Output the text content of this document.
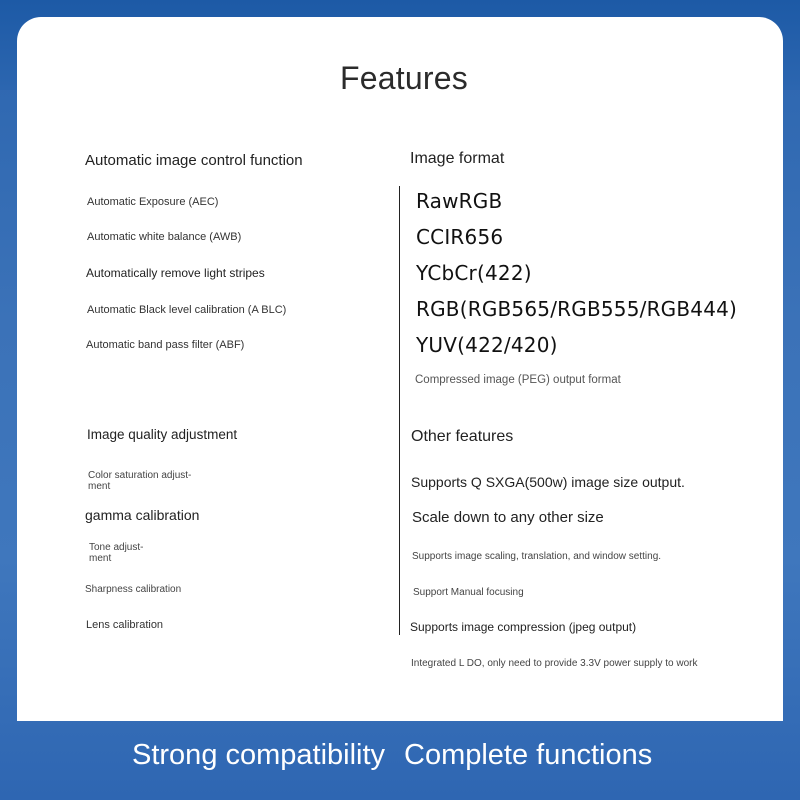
Features
Automatic image control function
Automatic Exposure (AEC)
Automatic white balance (AWB)
Automatically remove light stripes
Automatic Black level calibration (A BLC)
Automatic band pass filter (ABF)
Image quality adjustment
Color saturation adjust-
ment
gamma calibration
Tone adjust-
ment
Sharpness calibration
Lens calibration
Image format
RawRGB
CCIR656
YCbCr(422)
RGB(RGB565/RGB555/RGB444)
YUV(422/420)
Compressed image (PEG) output format
Other features
Supports Q SXGA(500w) image size output.
Scale down to any other size
Supports image scaling, translation, and window setting.
Support Manual focusing
Supports image compression (jpeg output)
Integrated L DO, only need to provide 3.3V power supply to work
Strong compatibility Complete functions
